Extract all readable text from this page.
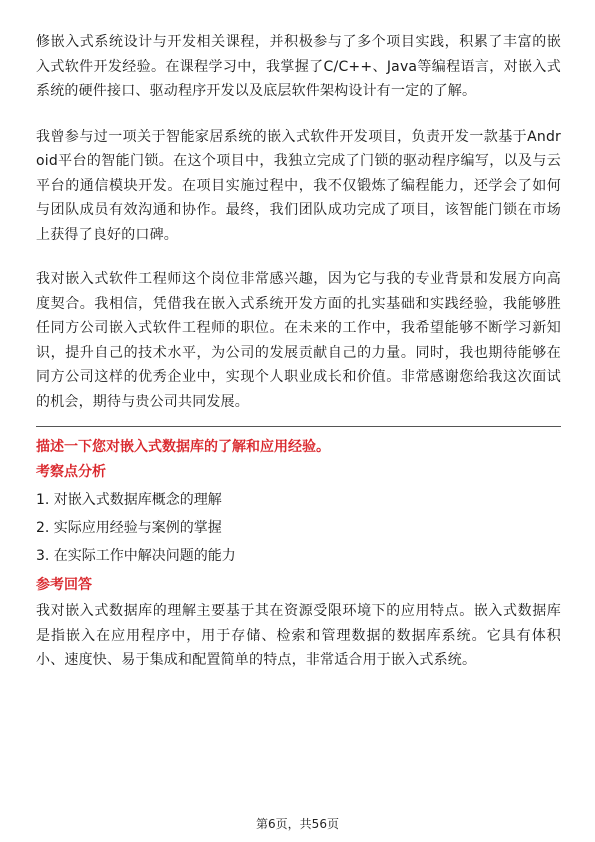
修嵌入式系统设计与开发相关课程，并积极参与了多个项目实践，积累了丰富的嵌入式软件开发经验。在课程学习中，我掌握了C/C++、Java等编程语言，对嵌入式系统的硬件接口、驱动程序开发以及底层软件架构设计有一定的了解。

我曾参与过一项关于智能家居系统的嵌入式软件开发项目，负责开发一款基于Android平台的智能门锁。在这个项目中，我独立完成了门锁的驱动程序编写，以及与云平台的通信模块开发。在项目实施过程中，我不仅锻炼了编程能力，还学会了如何与团队成员有效沟通和协作。最终，我们团队成功完成了项目，该智能门锁在市场上获得了良好的口碑。

我对嵌入式软件工程师这个岗位非常感兴趣，因为它与我的专业背景和发展方向高度契合。我相信，凭借我在嵌入式系统开发方面的扎实基础和实践经验，我能够胜任同方公司嵌入式软件工程师的职位。在未来的工作中，我希望能够不断学习新知识，提升自己的技术水平，为公司的发展贡献自己的力量。同时，我也期待能够在同方公司这样的优秀企业中，实现个人职业成长和价值。非常感谢您给我这次面试的机会，期待与贵公司共同发展。

描述一下您对嵌入式数据库的了解和应用经验。
考察点分析
1. 对嵌入式数据库概念的理解
2. 实际应用经验与案例的掌握
3. 在实际工作中解决问题的能力
参考回答

我对嵌入式数据库的理解主要基于其在资源受限环境下的应用特点。嵌入式数据库是指嵌入在应用程序中，用于存储、检索和管理数据的数据库系统。它具有体积小、速度快、易于集成和配置简单的特点，非常适合用于嵌入式系统。

第6页，共56页
